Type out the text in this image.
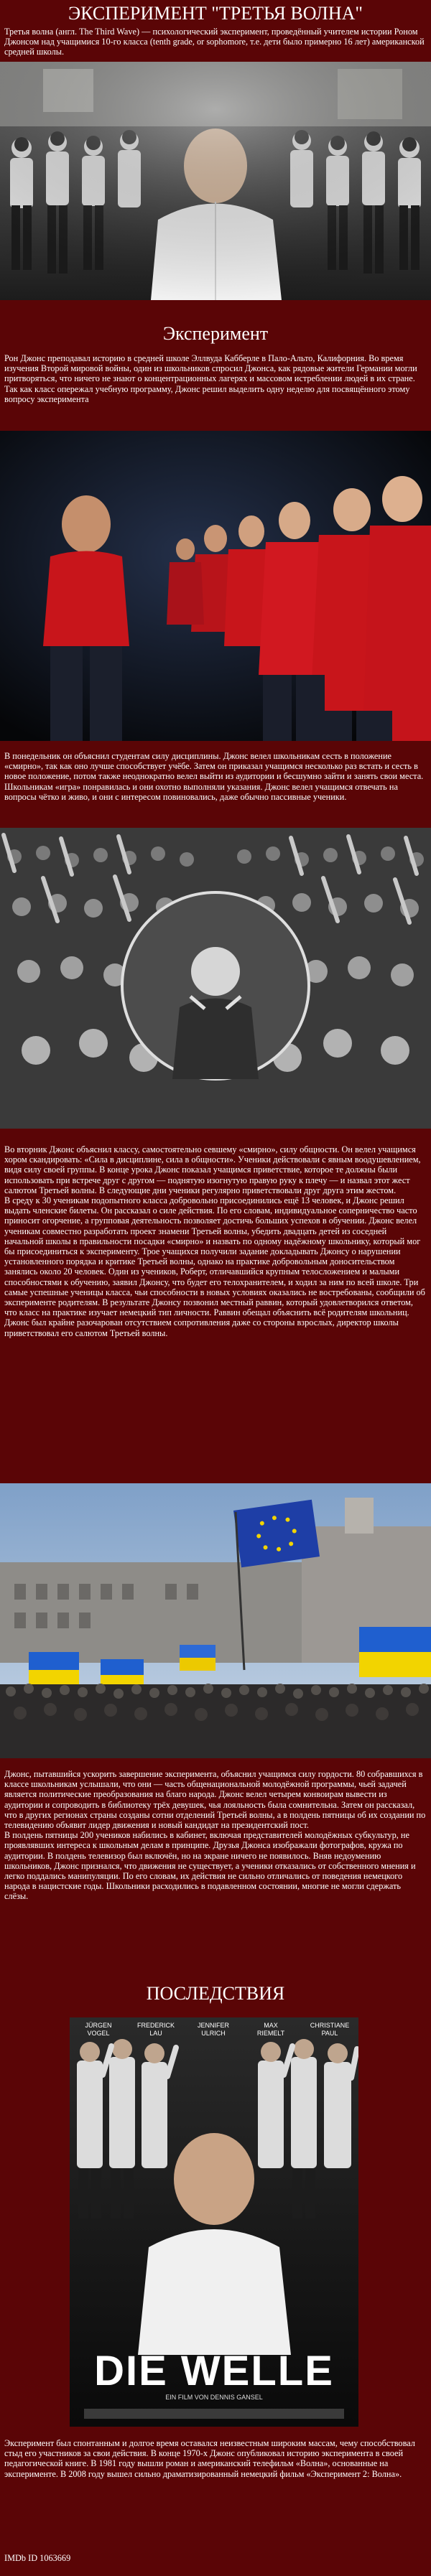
ЭКСПЕРИМЕНТ "ТРЕТЬЯ ВОЛНА"

Третья волна (англ. The Third Wave) — психологический эксперимент, проведённый учителем истории Роном Джонсом над учащимися 10-го класса (tenth grade, or sophomore, т.е. дети было примерно 16 лет) американской средней школы.

Эксперимент

Рон Джонс преподавал историю в средней школе Эллвуда Кабберле в Пало-Альто, Калифорния. Во время изучения Второй мировой войны, один из школьников спросил Джонса, как рядовые жители Германии могли притворяться, что ничего не знают о концентрационных лагерях и массовом истреблении людей в их стране. Так как класс опережал учебную программу, Джонс решил выделить одну неделю для посвящённого этому вопросу эксперимента

В понедельник он объяснил студентам силу дисциплины. Джонс велел школьникам сесть в положение «смирно», так как оно лучше способствует учёбе. Затем он приказал учащимся несколько раз встать и сесть в новое положение, потом также неоднократно велел выйти из аудитории и бесшумно зайти и занять свои места. Школьникам «игра» понравилась и они охотно выполняли указания. Джонс велел учащимся отвечать на вопросы чётко и живо, и они с интересом повиновались, даже обычно пассивные ученики.

Во вторник Джонс объяснил классу, самостоятельно севшему «смирно», силу общности. Он велел учащимся хором скандировать: «Сила в дисциплине, сила в общности». Ученики действовали с явным воодушевлением, видя силу своей группы. В конце урока Джонс показал учащимся приветствие, которое те должны были использовать при встрече друг с другом — поднятую изогнутую правую руку к плечу — и назвал этот жест салютом Третьей волны. В следующие дни ученики регулярно приветствовали друг друга этим жестом.
В среду к 30 ученикам подопытного класса добровольно присоединились ещё 13 человек, и Джонс решил выдать членские билеты. Он рассказал о силе действия. По его словам, индивидуальное соперничество часто приносит огорчение, а групповая деятельность позволяет достичь больших успехов в обучении. Джонс велел ученикам совместно разработать проект знамени Третьей волны, убедить двадцать детей из соседней начальной школы в правильности посадки «смирно» и назвать по одному надёжному школьнику, который мог бы присоединиться к эксперименту. Трое учащихся получили задание докладывать Джонсу о нарушении установленного порядка и критике Третьей волны, однако на практике добровольным доносительством занялись около 20 человек. Один из учеников, Роберт, отличавшийся крупным телосложением и малыми способностями к обучению, заявил Джонсу, что будет его телохранителем, и ходил за ним по всей школе. Три самые успешные ученицы класса, чьи способности в новых условиях оказались не востребованы, сообщили об эксперименте родителям. В результате Джонсу позвонил местный раввин, который удовлетворился ответом, что класс на практике изучает немецкий тип личности. Раввин обещал объяснить всё родителям школьниц. Джонс был крайне разочарован отсутствием сопротивления даже со стороны взрослых, директор школы приветствовал его салютом Третьей волны.

Джонс, пытавшийся ускорить завершение эксперимента, объяснил учащимся силу гордости. 80 собравшихся в классе школьникам услышали, что они — часть общенациональной молодёжной программы, чьей задачей является политические преобразования на благо народа. Джонс велел четырем конвоирам вывести из аудитории и сопроводить в библиотеку трёх девушек, чья лояльность была сомнительна. Затем он рассказал, что в других регионах страны созданы сотни отделений Третьей волны, а в полдень пятницы об их создании по телевидению объявит лидер движения и новый кандидат на президентский пост.
В полдень пятницы 200 учеников набились в кабинет, включая представителей молодёжных субкультур, не проявлявших интереса к школьным делам в принципе. Друзья Джонса изображали фотографов, кружа по аудитории. В полдень телевизор был включён, но на экране ничего не появилось. Вняв недоумению школьников, Джонс признался, что движения не существует, а ученики отказались от собственного мнения и легко поддались манипуляции. По его словам, их действия не сильно отличались от поведения немецкого народа в нацистские годы. Школьники расходились в подавленном состоянии, многие не могли сдержать слёзы.

ПОСЛЕДСТВИЯ
JÜRGEN	FREDERICK	JENNIFER	MAX	CHRISTIANE
VOGEL	LAU	ULRICH	RIEMELT	PAUL
DIE WELLE
EIN FILM VON DENNIS GANSEL

Эксперимент был спонтанным и долгое время оставался неизвестным широким массам, чему способствовал стыд его участников за свои действия. В конце 1970-х Джонс опубликовал историю эксперимента в своей педагогической книге. В 1981 году вышли роман и американский телефильм «Волна», основанные на эксперименте. В 2008 году вышел сильно драматизированный немецкий фильм «Эксперимент 2: Волна».

IMDb ID 1063669
